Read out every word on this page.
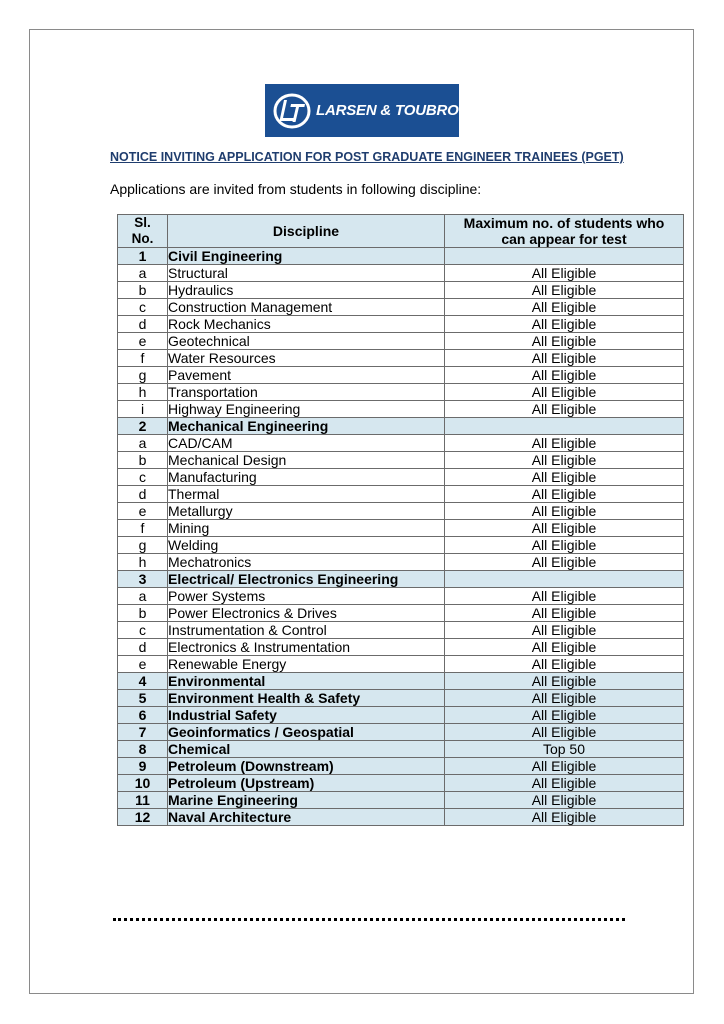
LARSEN & TOUBRO
NOTICE INVITING APPLICATION FOR POST GRADUATE ENGINEER TRAINEES (PGET)
Applications are invited from students in following discipline:
Sl.
No.	Discipline	Maximum no. of students who
can appear for test
1	Civil Engineering	
a	Structural	All Eligible
b	Hydraulics	All Eligible
c	Construction Management	All Eligible
d	Rock Mechanics	All Eligible
e	Geotechnical	All Eligible
f	Water Resources	All Eligible
g	Pavement	All Eligible
h	Transportation	All Eligible
i	Highway Engineering	All Eligible
2	Mechanical Engineering	
a	CAD/CAM	All Eligible
b	Mechanical Design	All Eligible
c	Manufacturing	All Eligible
d	Thermal	All Eligible
e	Metallurgy	All Eligible
f	Mining	All Eligible
g	Welding	All Eligible
h	Mechatronics	All Eligible
3	Electrical/ Electronics Engineering	
a	Power Systems	All Eligible
b	Power Electronics & Drives	All Eligible
c	Instrumentation & Control	All Eligible
d	Electronics & Instrumentation	All Eligible
e	Renewable Energy	All Eligible
4	Environmental	All Eligible
5	Environment Health & Safety	All Eligible
6	Industrial Safety	All Eligible
7	Geoinformatics / Geospatial	All Eligible
8	Chemical	Top 50
9	Petroleum (Downstream)	All Eligible
10	Petroleum (Upstream)	All Eligible
11	Marine Engineering	All Eligible
12	Naval Architecture	All Eligible
